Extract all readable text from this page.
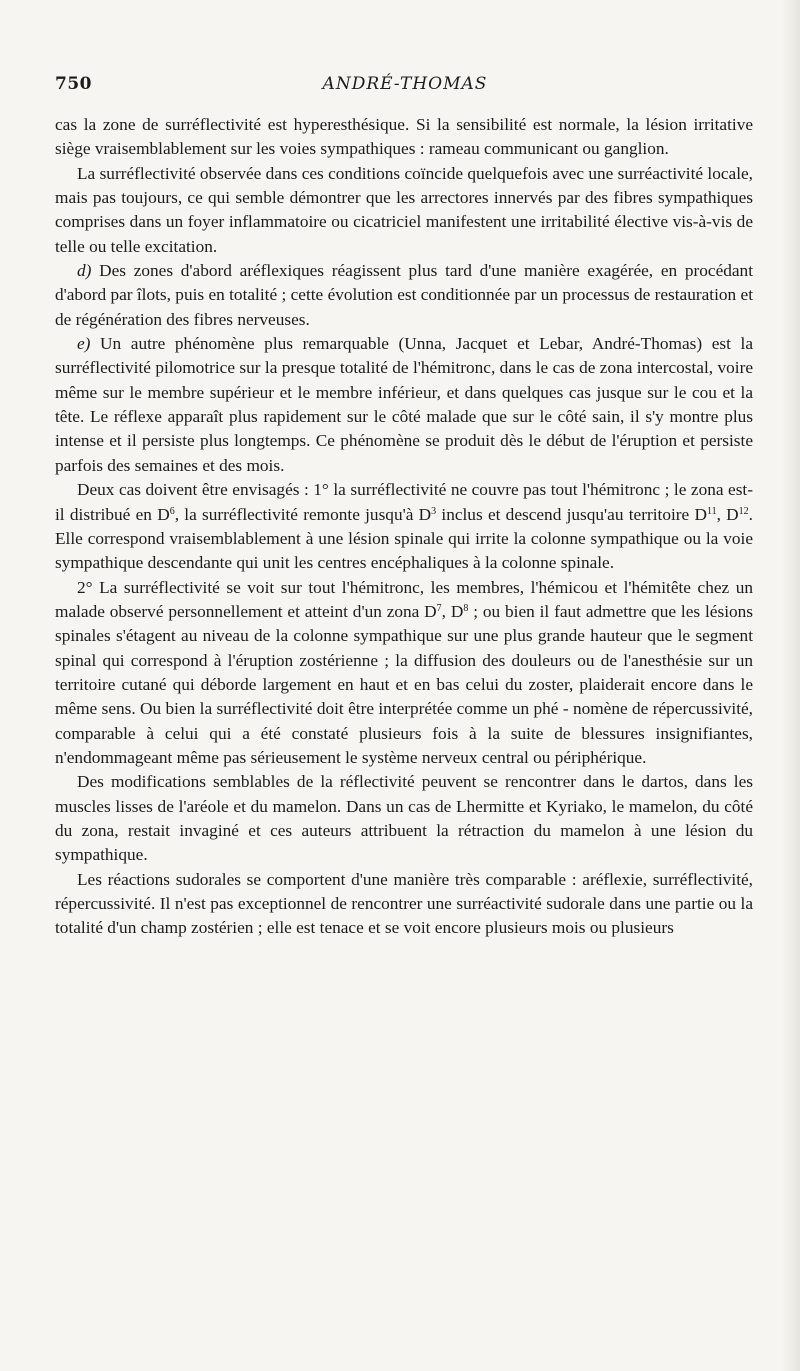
750	ANDRÉ-THOMAS

cas la zone de surréflectivité est hyperesthésique. Si la sensibilité est normale, la lésion irritative siège vraisemblablement sur les voies sympathiques : rameau communicant ou ganglion.

La surréflectivité observée dans ces conditions coïncide quelquefois avec une surréactivité locale, mais pas toujours, ce qui semble démontrer que les arrectores innervés par des fibres sympathiques comprises dans un foyer inflammatoire ou cicatriciel manifestent une irritabilité élective vis-à-vis de telle ou telle excitation.

d) Des zones d'abord aréflexiques réagissent plus tard d'une manière exagérée, en procédant d'abord par îlots, puis en totalité ; cette évolution est conditionnée par un processus de restauration et de régénération des fibres nerveuses.

e) Un autre phénomène plus remarquable (Unna, Jacquet et Lebar, André-Thomas) est la surréflectivité pilomotrice sur la presque totalité de l'hémitronc, dans le cas de zona intercostal, voire même sur le membre supérieur et le membre inférieur, et dans quelques cas jusque sur le cou et la tête. Le réflexe apparaît plus rapidement sur le côté malade que sur le côté sain, il s'y montre plus intense et il persiste plus longtemps. Ce phénomène se produit dès le début de l'éruption et persiste parfois des semaines et des mois.

Deux cas doivent être envisagés : 1° la surréflectivité ne couvre pas tout l'hémitronc ; le zona est-il distribué en $D^6$, la surréflectivité remonte jusqu'à $D^3$ inclus et descend jusqu'au territoire $D^{11}$, $D^{12}$. Elle correspond vraisemblablement à une lésion spinale qui irrite la colonne sympathique ou la voie sympathique descendante qui unit les centres encéphaliques à la colonne spinale.

2° La surréflectivité se voit sur tout l'hémitronc, les membres, l'hémicou et l'hémitête chez un malade observé personnellement et atteint d'un zona $D^7$, $D^8$ ; ou bien il faut admettre que les lésions spinales s'étagent au niveau de la colonne sympathique sur une plus grande hauteur que le segment spinal qui correspond à l'éruption zostérienne ; la diffusion des douleurs ou de l'anesthésie sur un territoire cutané qui déborde largement en haut et en bas celui du zoster, plaiderait encore dans le même sens. Ou bien la surréflectivité doit être interprétée comme un phé - nomène de répercussivité, comparable à celui qui a été constaté plusieurs fois à la suite de blessures insignifiantes, n'endommageant même pas sérieusement le système nerveux central ou périphérique.

Des modifications semblables de la réflectivité peuvent se rencontrer dans le dartos, dans les muscles lisses de l'aréole et du mamelon. Dans un cas de Lhermitte et Kyriako, le mamelon, du côté du zona, restait invaginé et ces auteurs attribuent la rétraction du mamelon à une lésion du sympathique.

Les réactions sudorales se comportent d'une manière très comparable : aréflexie, surréflectivité, répercussivité. Il n'est pas exceptionnel de rencontrer une surréactivité sudorale dans une partie ou la totalité d'un champ zostérien ; elle est tenace et se voit encore plusieurs mois ou plusieurs
